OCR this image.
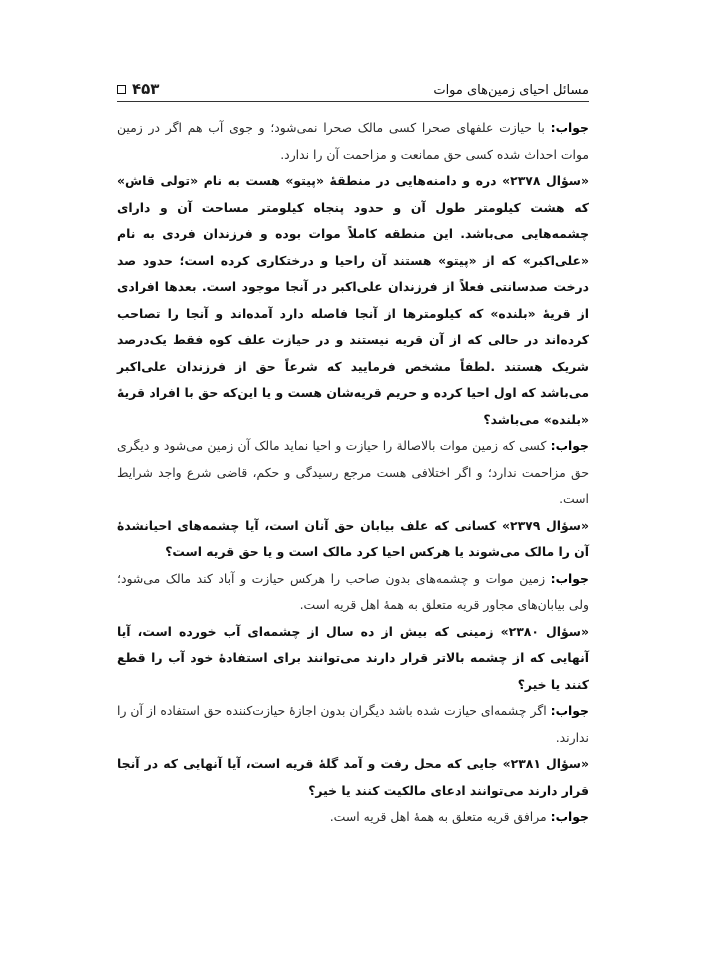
مسائل احیای زمین‌های موات
۴۵۳

جواب: با حیازت علفهای صحرا کسی مالک صحرا نمی‌شود؛ و جوی آب هم اگر در زمین موات احداث شده کسی حق ممانعت و مزاحمت آن را ندارد.

«سؤال ۲۳۷۸» دره و دامنه‌هایی در منطقهٔ «پیتو» هست به نام «تولی قاش» که هشت کیلومتر طول آن و حدود پنجاه کیلومتر مساحت آن و دارای چشمه‌هایی می‌باشد. این منطقه کاملاً موات بوده و فرزندان فردی به نام «علی‌اکبر» که از «پیتو» هستند آن راحیا و درختکاری کرده است؛ حدود صد درخت صدسانتی فعلاً از فرزندان علی‌اکبر در آنجا موجود است. بعدها افرادی از قریهٔ «بلنده» که کیلومترها از آنجا فاصله دارد آمده‌اند و آنجا را تصاحب کرده‌اند در حالی که از آن قریه نیستند و در حیازت علف کوه فقط یک‌درصد شریک هستند .لطفاً مشخص فرمایید که شرعاً حق از فرزندان علی‌اکبر می‌باشد که اول احیا کرده و حریم قریه‌شان هست و یا این‌که حق با افراد قریهٔ «بلنده» می‌باشد؟

جواب: کسی که زمین موات بالاصالة را حیازت و احیا نماید مالک آن زمین می‌شود و دیگری حق مزاحمت ندارد؛ و اگر اختلافی هست مرجع رسیدگی و حکم، قاضی شرع واجد شرایط است.

«سؤال ۲۳۷۹» کسانی که علف بیابان حق آنان است، آیا چشمه‌های احیانشدهٔ آن را مالک می‌شوند یا هرکس احیا کرد مالک است و یا حق قریه است؟

جواب: زمین موات و چشمه‌های بدون صاحب را هرکس حیازت و آباد کند مالک می‌شود؛ ولی بیابان‌های مجاور قریه متعلق به همهٔ اهل قریه است.

«سؤال ۲۳۸۰» زمینی که بیش از ده سال از چشمه‌ای آب خورده است، آیا آنهایی که از چشمه بالاتر قرار دارند می‌توانند برای استفادهٔ خود آب را قطع کنند یا خیر؟

جواب: اگر چشمه‌ای حیازت شده باشد دیگران بدون اجازهٔ حیازت‌کننده حق استفاده از آن را ندارند.

«سؤال ۲۳۸۱» جایی که محل رفت و آمد گلهٔ قریه است، آیا آنهایی که در آنجا قرار دارند می‌توانند ادعای مالکیت کنند یا خیر؟

جواب: مرافق قریه متعلق به همهٔ اهل قریه است.
